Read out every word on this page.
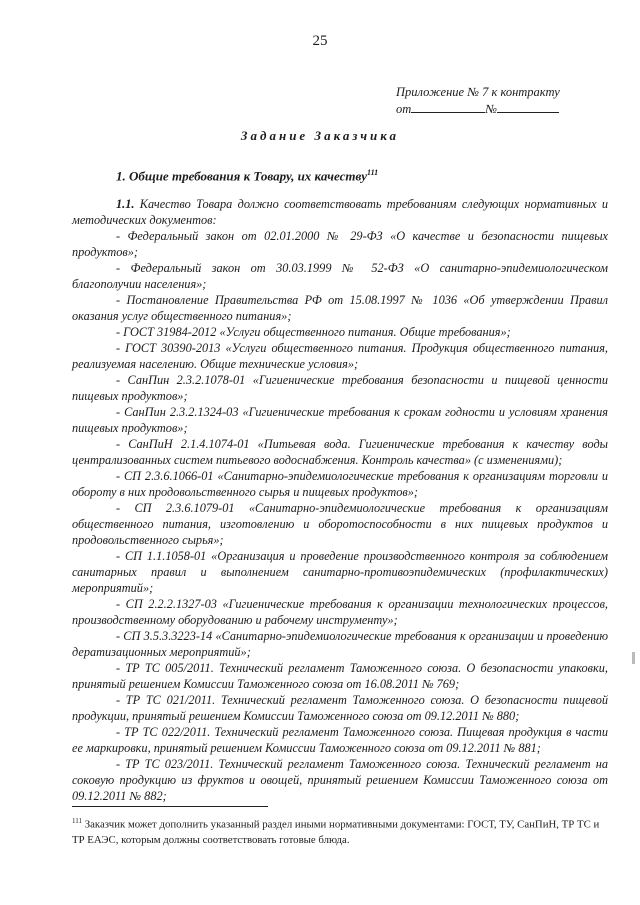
25
Приложение № 7 к контракту
от	№
Задание Заказчика
1. Общие требования к Товару, их качеству$^{111}$

1.1. Качество Товара должно соответствовать требованиям следующих нормативных и методических документов:

- Федеральный закон от 02.01.2000 № 29-ФЗ «О качестве и безопасности пищевых продуктов»;

- Федеральный закон от 30.03.1999 № 52-ФЗ «О санитарно-эпидемиологическом благополучии населения»;

- Постановление Правительства РФ от 15.08.1997 № 1036 «Об утверждении Правил оказания услуг общественного питания»;

- ГОСТ 31984-2012 «Услуги общественного питания. Общие требования»;

- ГОСТ 30390-2013 «Услуги общественного питания. Продукция общественного питания, реализуемая населению. Общие технические условия»;

- СанПин 2.3.2.1078-01 «Гигиенические требования безопасности и пищевой ценности пищевых продуктов»;

- СанПин 2.3.2.1324-03 «Гигиенические требования к срокам годности и условиям хранения пищевых продуктов»;

- СанПиН 2.1.4.1074-01 «Питьевая вода. Гигиенические требования к качеству воды централизованных систем питьевого водоснабжения. Контроль качества» (с изменениями);

- СП 2.3.6.1066-01 «Санитарно-эпидемиологические требования к организациям торговли и обороту в них продовольственного сырья и пищевых продуктов»;

- СП 2.3.6.1079-01 «Санитарно-эпидемиологические требования к организациям общественного питания, изготовлению и оборотоспособности в них пищевых продуктов и продовольственного сырья»;

- СП 1.1.1058-01 «Организация и проведение производственного контроля за соблюдением санитарных правил и выполнением санитарно-противоэпидемических (профилактических) мероприятий»;

- СП 2.2.2.1327-03 «Гигиенические требования к организации технологических процессов, производственному оборудованию и рабочему инструменту»;

- СП 3.5.3.3223-14 «Санитарно-эпидемиологические требования к организации и проведению дератизационных мероприятий»;

- ТР ТС 005/2011. Технический регламент Таможенного союза. О безопасности упаковки, принятый решением Комиссии Таможенного союза от 16.08.2011 № 769;

- ТР ТС 021/2011. Технический регламент Таможенного союза. О безопасности пищевой продукции, принятый решением Комиссии Таможенного союза от 09.12.2011 № 880;

- ТР ТС 022/2011. Технический регламент Таможенного союза. Пищевая продукция в части ее маркировки, принятый решением Комиссии Таможенного союза от 09.12.2011 № 881;

- ТР ТС 023/2011. Технический регламент Таможенного союза. Технический регламент на соковую продукцию из фруктов и овощей, принятый решением Комиссии Таможенного союза от 09.12.2011 № 882;

$^{111}$ Заказчик может дополнить указанный раздел иными нормативными документами: ГОСТ, ТУ, СанПиН, ТР ТС и ТР ЕАЭС, которым должны соответствовать готовые блюда.
